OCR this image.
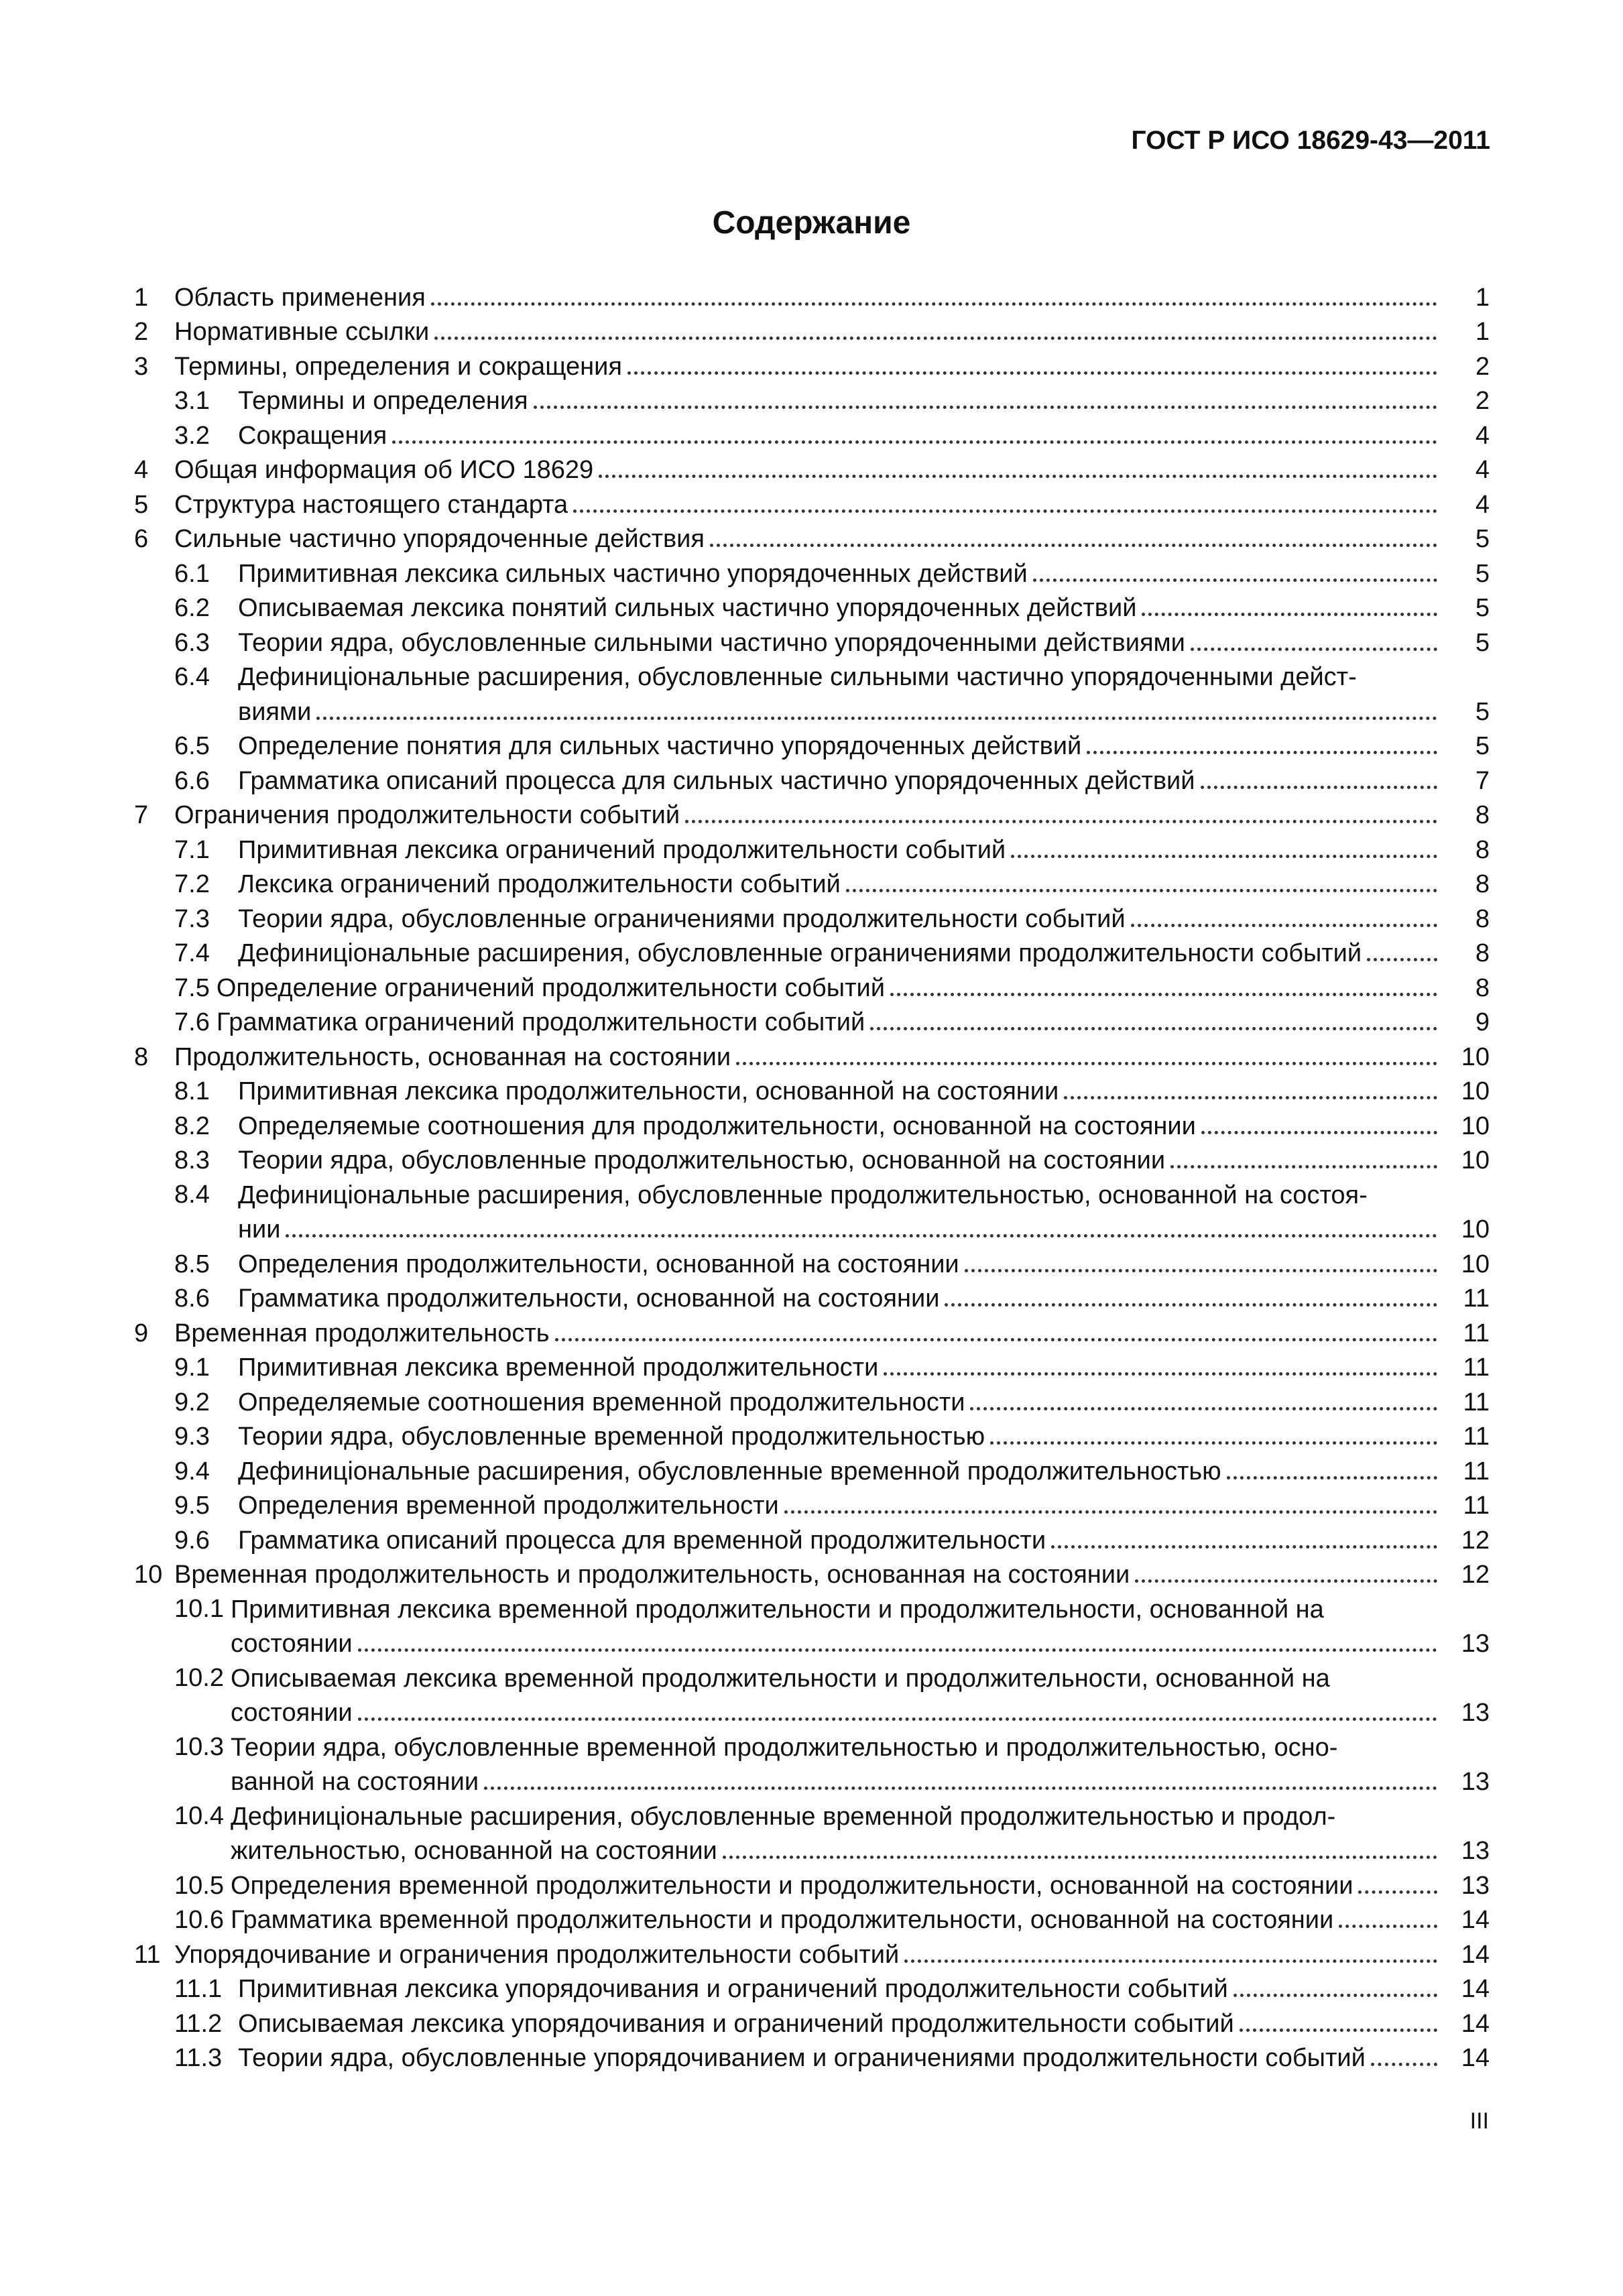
ГОСТ Р ИСО 18629-43—2011
Содержание
1	Область применения	1
2	Нормативные ссылки	1
3	Термины, определения и сокращения	2
3.1	Термины и определения	2
3.2	Сокращения	4
4	Общая информация об ИСО 18629	4
5	Структура настоящего стандарта	4
6	Сильные частично упорядоченные действия	5
6.1	Примитивная лексика сильных частично упорядоченных действий	5
6.2	Описываемая лексика понятий сильных частично упорядоченных действий	5
6.3	Теории ядра, обусловленные сильными частично упорядоченными действиями	5
6.4	Дефиниціональные расширения, обусловленные сильными частично упорядоченными дейст-
виями	5
6.5	Определение понятия для сильных частично упорядоченных действий	5
6.6	Грамматика описаний процесса для сильных частично упорядоченных действий	7
7	Ограничения продолжительности событий	8
7.1	Примитивная лексика ограничений продолжительности событий	8
7.2	Лексика ограничений продолжительности событий	8
7.3	Теории ядра, обусловленные ограничениями продолжительности событий	8
7.4	Дефиниціональные расширения, обусловленные ограничениями продолжительности событий	8
7.5 Определение ограничений продолжительности событий	8
7.6 Грамматика ограничений продолжительности событий	9
8	Продолжительность, основанная на состоянии	10
8.1	Примитивная лексика продолжительности, основанной на состоянии	10
8.2	Определяемые соотношения для продолжительности, основанной на состоянии	10
8.3	Теории ядра, обусловленные продолжительностью, основанной на состоянии	10
8.4	Дефиниціональные расширения, обусловленные продолжительностью, основанной на состоя-
нии	10
8.5	Определения продолжительности, основанной на состоянии	10
8.6	Грамматика продолжительности, основанной на состоянии	11
9	Временная продолжительность	11
9.1	Примитивная лексика временной продолжительности	11
9.2	Определяемые соотношения временной продолжительности	11
9.3	Теории ядра, обусловленные временной продолжительностью	11
9.4	Дефиниціональные расширения, обусловленные временной продолжительностью	11
9.5	Определения временной продолжительности	11
9.6	Грамматика описаний процесса для временной продолжительности	12
10 Временная продолжительность и продолжительность, основанная на состоянии	12
10.1 Примитивная лексика временной продолжительности и продолжительности, основанной на
состоянии	13
10.2 Описываемая лексика временной продолжительности и продолжительности, основанной на
состоянии	13
10.3 Теории ядра, обусловленные временной продолжительностью и продолжительностью, осно-
ванной на состоянии	13
10.4 Дефиниціональные расширения, обусловленные временной продолжительностью и продол-
жительностью, основанной на состоянии	13
10.5 Определения временной продолжительности и продолжительности, основанной на состоянии	13
10.6 Грамматика временной продолжительности и продолжительности, основанной на состоянии	14
11 Упорядочивание и ограничения продолжительности событий	14
11.1 Примитивная лексика упорядочивания и ограничений продолжительности событий	14
11.2 Описываемая лексика упорядочивания и ограничений продолжительности событий	14
11.3 Теории ядра, обусловленные упорядочиванием и ограничениями продолжительности событий	14
III
